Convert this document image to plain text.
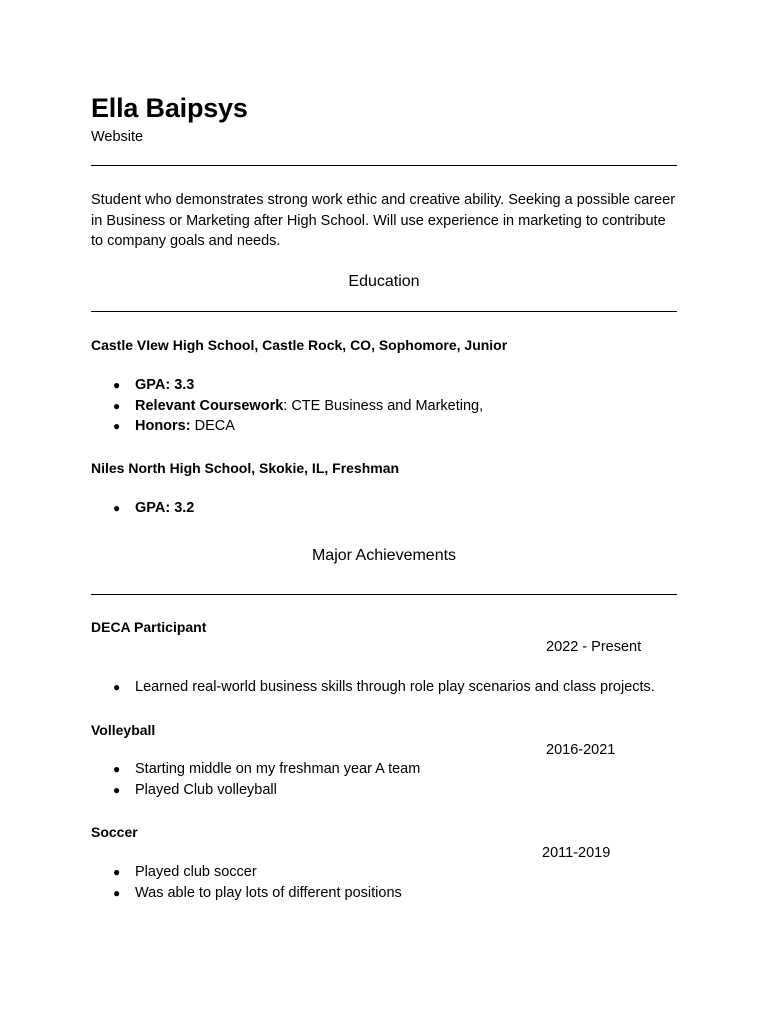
Ella Baipsys
Website
Student who demonstrates strong work ethic and creative ability. Seeking a possible career in Business or Marketing after High School. Will use experience in marketing to contribute to company goals and needs.
Education
Castle VIew High School, Castle Rock, CO, Sophomore, Junior
● GPA: 3.3
● Relevant Coursework: CTE Business and Marketing,
● Honors: DECA
Niles North High School, Skokie, IL, Freshman
● GPA: 3.2
Major Achievements
DECA Participant
2022 - Present
● Learned real-world business skills through role play scenarios and class projects.
Volleyball
2016-2021
● Starting middle on my freshman year A team
● Played Club volleyball
Soccer
2011-2019
● Played club soccer
● Was able to play lots of different positions
